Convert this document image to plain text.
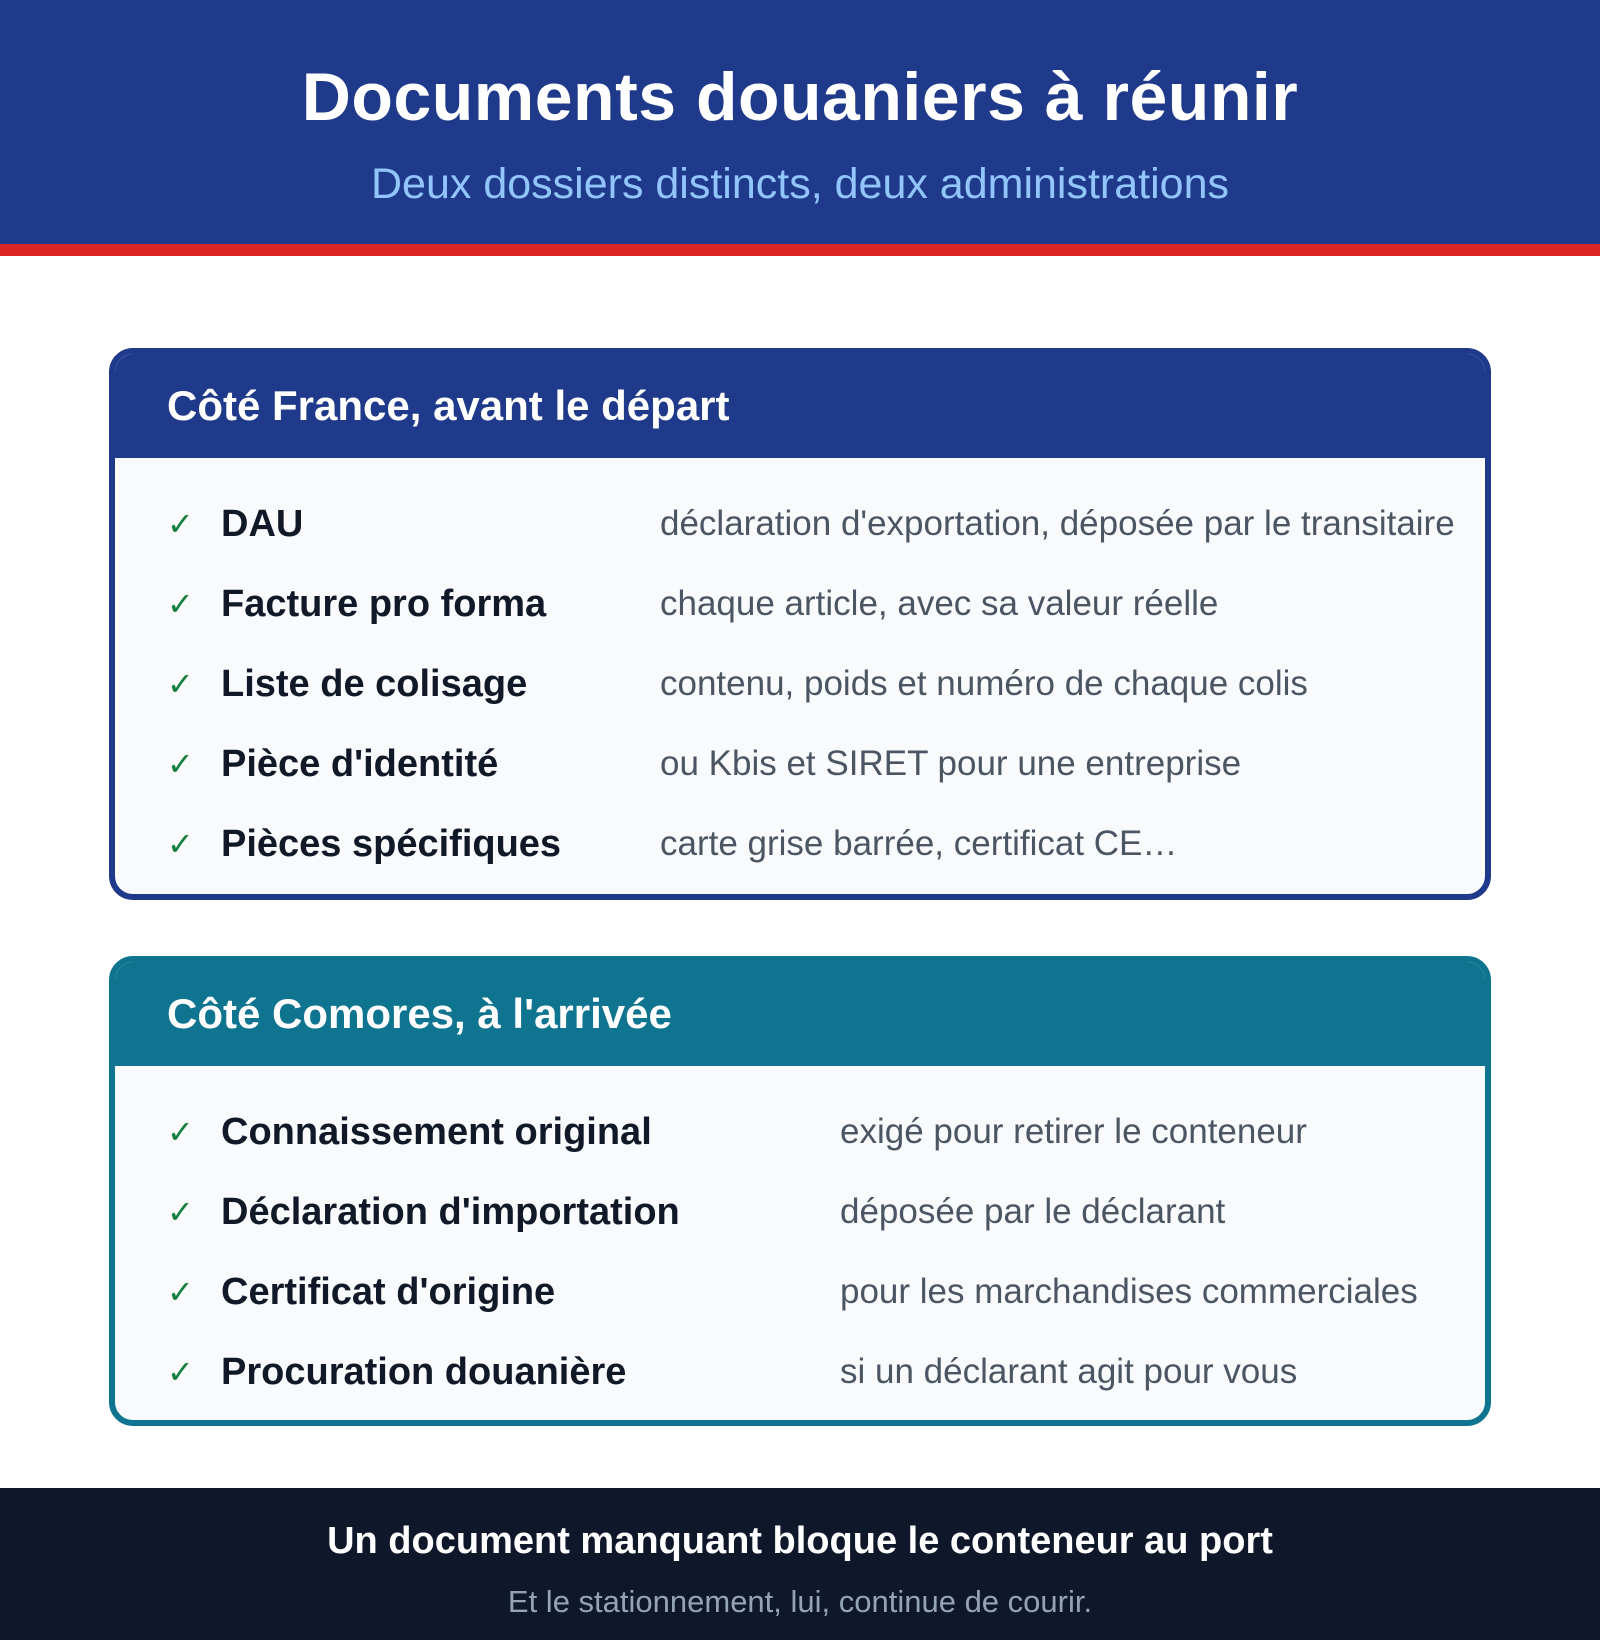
Documents douaniers à réunir
Deux dossiers distincts, deux administrations
Côté France, avant le départ
✓ DAU	déclaration d'exportation, déposée par le transitaire
✓ Facture pro forma	chaque article, avec sa valeur réelle
✓ Liste de colisage	contenu, poids et numéro de chaque colis
✓ Pièce d'identité	ou Kbis et SIRET pour une entreprise
✓ Pièces spécifiques	carte grise barrée, certificat CE…
Côté Comores, à l'arrivée
✓ Connaissement original	exigé pour retirer le conteneur
✓ Déclaration d'importation	déposée par le déclarant
✓ Certificat d'origine	pour les marchandises commerciales
✓ Procuration douanière	si un déclarant agit pour vous
Un document manquant bloque le conteneur au port
Et le stationnement, lui, continue de courir.
